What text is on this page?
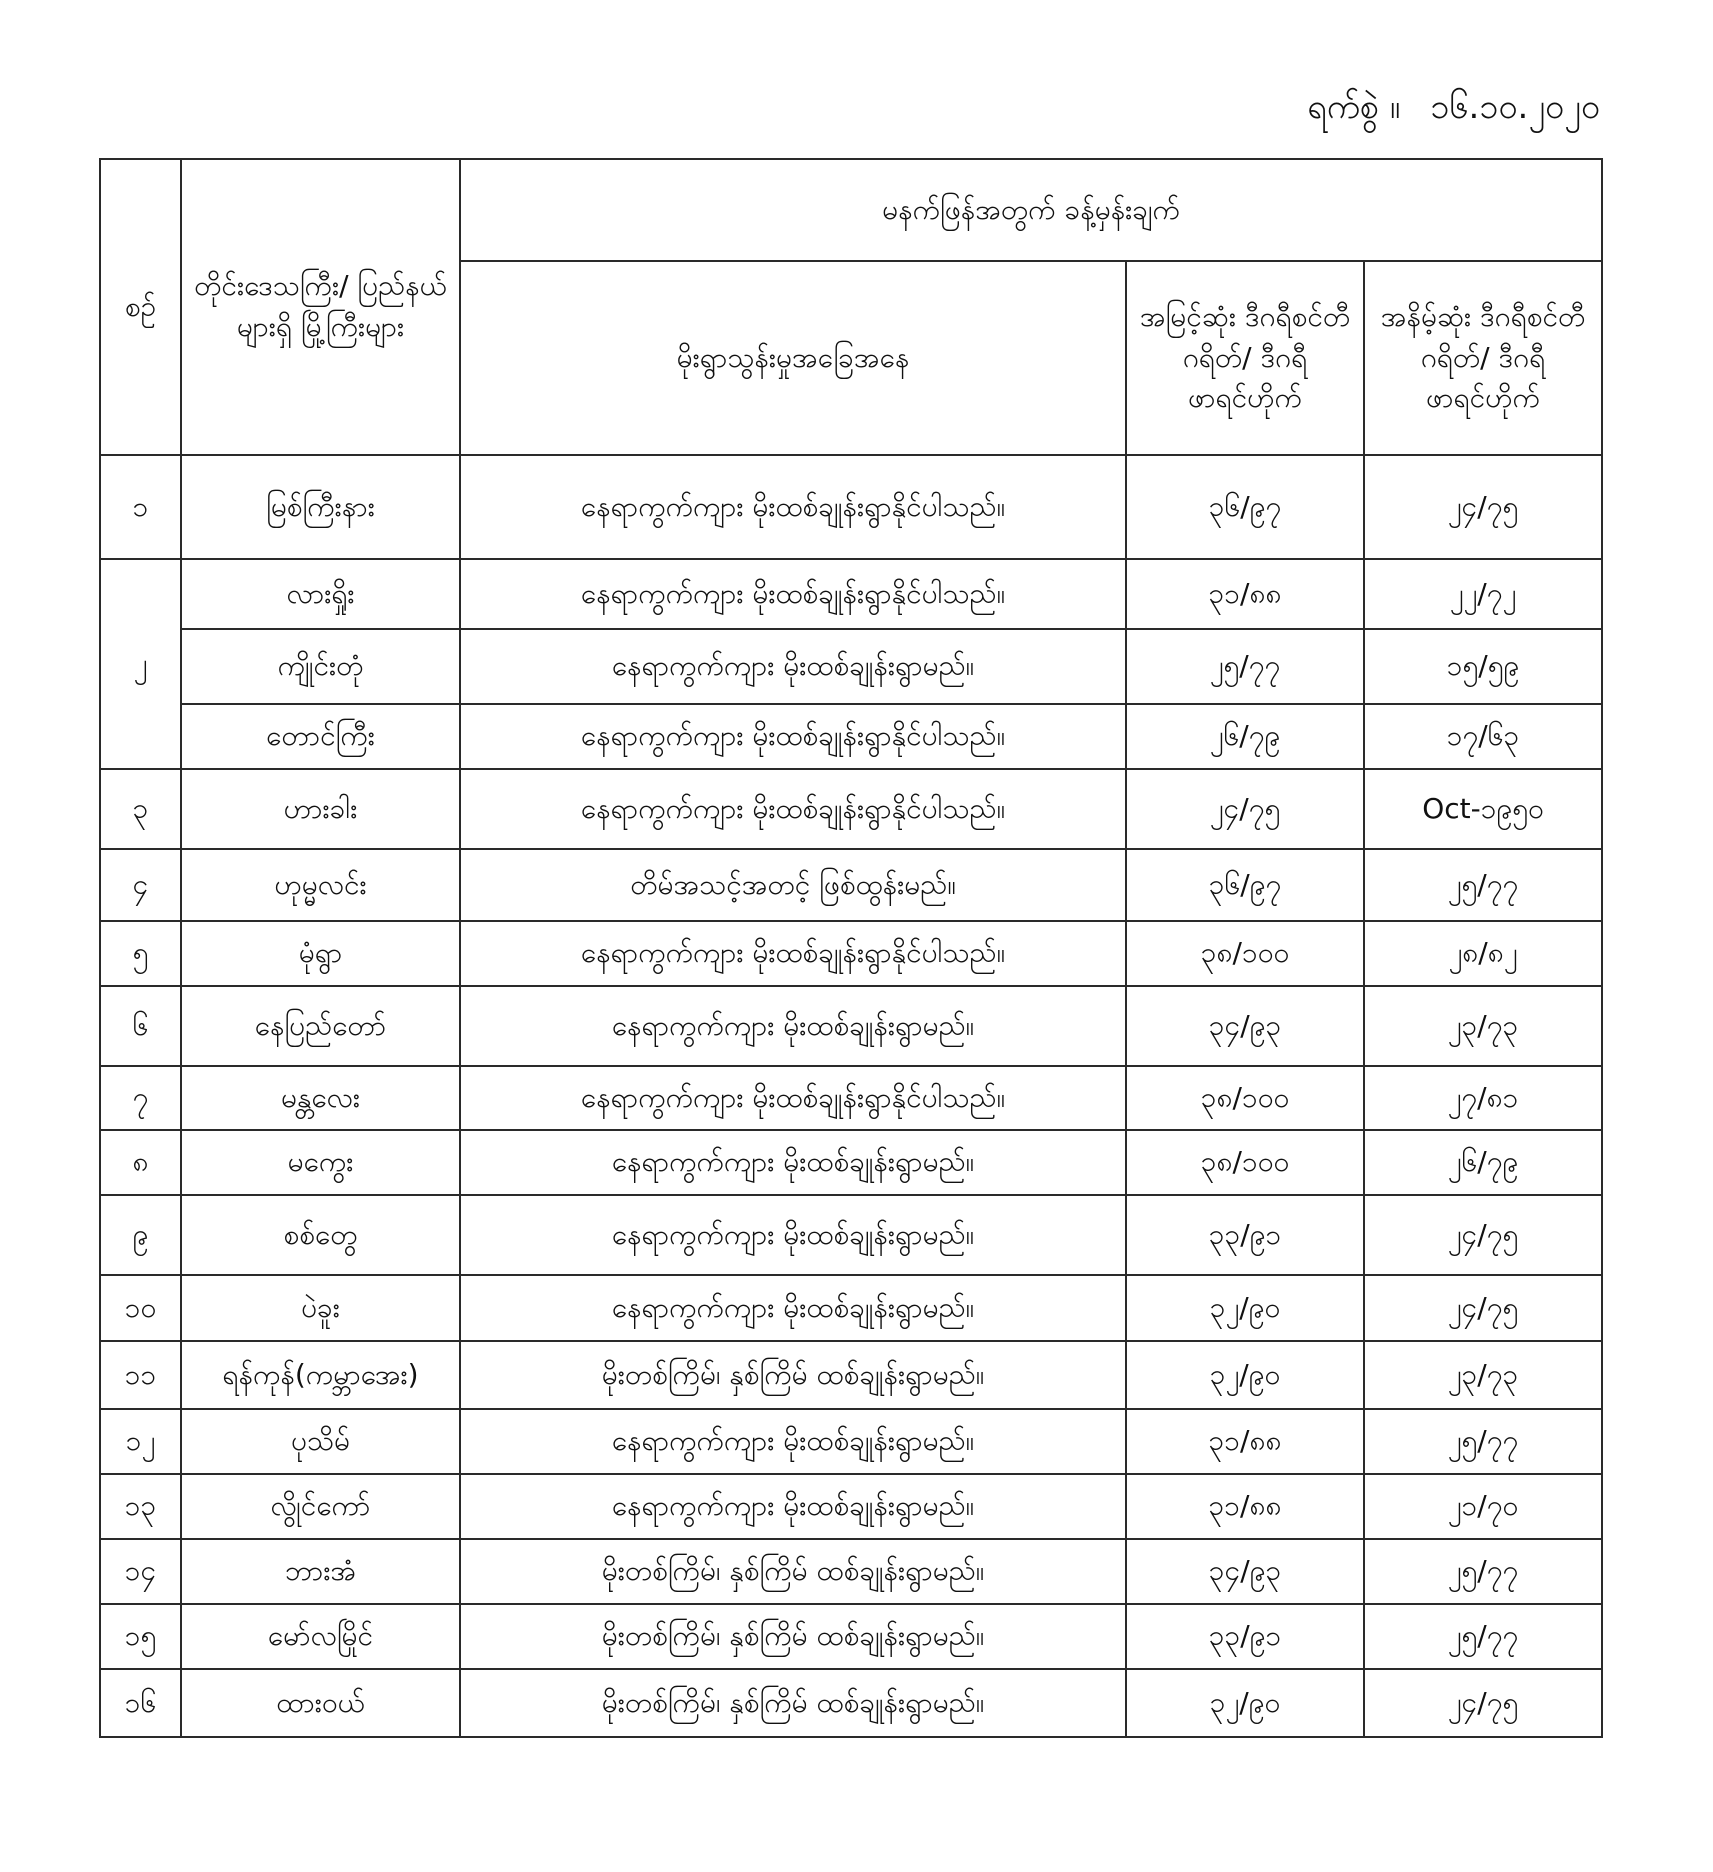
ရက်စွဲ ။ ၁၆.၁၀.၂၀၂၀
စဉ်	တိုင်းဒေသကြီး/ ပြည်နယ်များရှိ မြို့ကြီးများ	မနက်ဖြန်အတွက် ခန့်မှန်းချက်		
		မိုးရွာသွန်းမှုအခြေအနေ	အမြင့်ဆုံး ဒီဂရီစင်တီဂရိတ်/ ဒီဂရီဖာရင်ဟိုက်	အနိမ့်ဆုံး ဒီဂရီစင်တီဂရိတ်/ ဒီဂရီဖာရင်ဟိုက်
၁	မြစ်ကြီးနား	နေရာကွက်ကျား မိုးထစ်ချုန်းရွာနိုင်ပါသည်။	၃၆/၉၇	၂၄/၇၅
၂	လားရှိုး	နေရာကွက်ကျား မိုးထစ်ချုန်းရွာနိုင်ပါသည်။	၃၁/၈၈	၂၂/၇၂
	ကျိုင်းတုံ	နေရာကွက်ကျား မိုးထစ်ချုန်းရွာမည်။	၂၅/၇၇	၁၅/၅၉
	တောင်ကြီး	နေရာကွက်ကျား မိုးထစ်ချုန်းရွာနိုင်ပါသည်။	၂၆/၇၉	၁၇/၆၃
၃	ဟားခါး	နေရာကွက်ကျား မိုးထစ်ချုန်းရွာနိုင်ပါသည်။	၂၄/၇၅	Oct-၁၉၅၀
၄	ဟုမ္မလင်း	တိမ်အသင့်အတင့် ဖြစ်ထွန်းမည်။	၃၆/၉၇	၂၅/၇၇
၅	မုံရွာ	နေရာကွက်ကျား မိုးထစ်ချုန်းရွာနိုင်ပါသည်။	၃၈/၁၀၀	၂၈/၈၂
၆	နေပြည်တော်	နေရာကွက်ကျား မိုးထစ်ချုန်းရွာမည်။	၃၄/၉၃	၂၃/၇၃
၇	မန္တလေး	နေရာကွက်ကျား မိုးထစ်ချုန်းရွာနိုင်ပါသည်။	၃၈/၁၀၀	၂၇/၈၁
၈	မကွေး	နေရာကွက်ကျား မိုးထစ်ချုန်းရွာမည်။	၃၈/၁၀၀	၂၆/၇၉
၉	စစ်တွေ	နေရာကွက်ကျား မိုးထစ်ချုန်းရွာမည်။	၃၃/၉၁	၂၄/၇၅
၁၀	ပဲခူး	နေရာကွက်ကျား မိုးထစ်ချုန်းရွာမည်။	၃၂/၉၀	၂၄/၇၅
၁၁	ရန်ကုန်(ကမ္ဘာအေး)	မိုးတစ်ကြိမ်၊ နှစ်ကြိမ် ထစ်ချုန်းရွာမည်။	၃၂/၉၀	၂၃/၇၃
၁၂	ပုသိမ်	နေရာကွက်ကျား မိုးထစ်ချုန်းရွာမည်။	၃၁/၈၈	၂၅/၇၇
၁၃	လွိုင်ကော်	နေရာကွက်ကျား မိုးထစ်ချုန်းရွာမည်။	၃၁/၈၈	၂၁/၇၀
၁၄	ဘားအံ	မိုးတစ်ကြိမ်၊ နှစ်ကြိမ် ထစ်ချုန်းရွာမည်။	၃၄/၉၃	၂၅/၇၇
၁၅	မော်လမြိုင်	မိုးတစ်ကြိမ်၊ နှစ်ကြိမ် ထစ်ချုန်းရွာမည်။	၃၃/၉၁	၂၅/၇၇
၁၆	ထားဝယ်	မိုးတစ်ကြိမ်၊ နှစ်ကြိမ် ထစ်ချုန်းရွာမည်။	၃၂/၉၀	၂၄/၇၅
